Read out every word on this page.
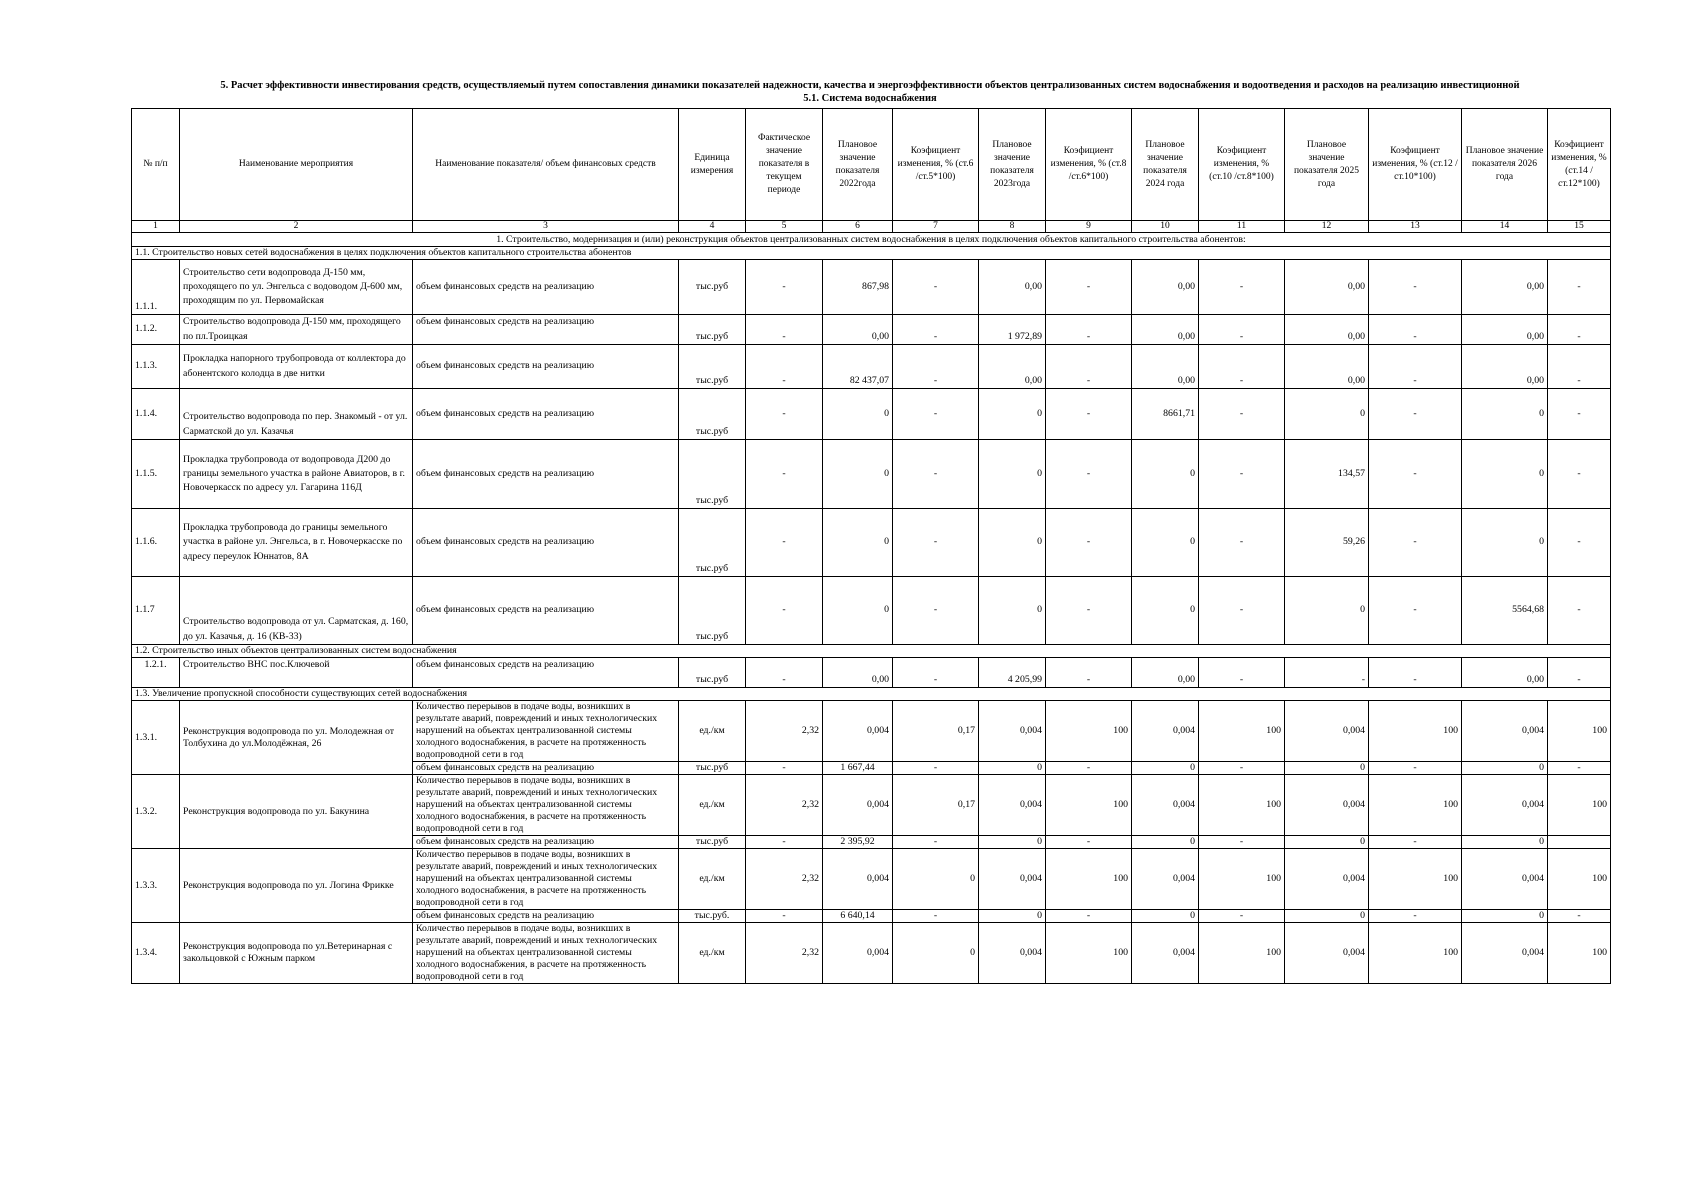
5. Расчет эффективности инвестирования средств, осуществляемый путем сопоставления динамики показателей надежности, качества и энергоэффективности объектов централизованных систем водоснабжения и водоотведения и расходов на реализацию инвестиционной
5.1. Система водоснабжения
№ п/п	Наименование мероприятия	Наименование показателя/ объем финансовых средств	Единица измерения	Фактическое значение показателя в текущем периоде	Плановое значение показателя 2022года	Коэфициент изменения, % (ст.6 /ст.5*100)	Плановое значение показателя 2023года	Коэфициент изменения, % (ст.8 /ст.6*100)	Плановое значение показателя 2024 года	Коэфициент изменения, % (ст.10 /ст.8*100)	Плановое значение показателя 2025 года	Коэфициент изменения, % (ст.12 /ст.10*100)	Плановое значение показателя 2026 года	Коэфициент изменения, % (ст.14 /ст.12*100)
1	2	3	4	5	6	7	8	9	10	11	12	13	14	15
1. Строительство, модернизация и (или) реконструкция объектов централизованных систем водоснабжения в целях подключения объектов капитального строительства абонентов:														
1.1. Строительство новых сетей водоснабжения в целях подключения объектов капитального строительства абонентов														
1.1.1.	Строительство сети водопровода Д-150 мм, проходящего по ул. Энгельса с водоводом Д-600 мм, проходящим по ул. Первомайская	объем финансовых средств на реализацию	тыс.руб	-	867,98	-	0,00	-	0,00	-	0,00	-	0,00	-
1.1.2.	Строительство водопровода Д-150 мм, проходящего по пл.Троицкая	объем финансовых средств на реализацию	тыс.руб	-	0,00	-	1 972,89	-	0,00	-	0,00	-	0,00	-
1.1.3.	Прокладка напорного трубопровода от коллектора до абонентского колодца в две нитки	объем финансовых средств на реализацию	тыс.руб	-	82 437,07	-	0,00	-	0,00	-	0,00	-	0,00	-
1.1.4.	Строительство водопровода по пер. Знакомый - от ул. Сарматской до ул. Казачья	объем финансовых средств на реализацию	тыс.руб	-	0	-	0	-	8661,71	-	0	-	0	-
1.1.5.	Прокладка трубопровода от водопровода Д200 до границы земельного участка в районе Авиаторов, в г. Новочеркасск по адресу ул. Гагарина 116Д	объем финансовых средств на реализацию	тыс.руб	-	0	-	0	-	0	-	134,57	-	0	-
1.1.6.	Прокладка трубопровода до границы земельного участка в районе ул. Энгельса, в г. Новочеркасске по адресу переулок Юннатов, 8А	объем финансовых средств на реализацию	тыс.руб	-	0	-	0	-	0	-	59,26	-	0	-
1.1.7	Строительство водопровода от ул. Сарматская, д. 160, до ул. Казачья, д. 16 (КВ-33)	объем финансовых средств на реализацию	тыс.руб	-	0	-	0	-	0	-	0	-	5564,68	-
1.2. Строительство иных объектов централизованных систем водоснабжения														
1.2.1.	Строительство ВНС пос.Ключевой	объем финансовых средств на реализацию	тыс.руб	-	0,00	-	4 205,99	-	0,00	-	-	-	0,00	-
1.3. Увеличение пропускной способности существующих сетей водоснабжения														
1.3.1.	Реконструкция водопровода по ул. Молодежная от Толбухина до ул.Молодёжная, 26	Количество перерывов в подаче воды, возникших в результате аварий, повреждений и иных технологических нарушений на объектах централизованной системы холодного водоснабжения, в расчете на протяженность водопроводной сети в год	ед./км	2,32	0,004	0,17	0,004	100	0,004	100	0,004	100	0,004	100
		объем финансовых средств на реализацию	тыс.руб	-	1 667,44	-	0	-	0	-	0	-	0	-
1.3.2.	Реконструкция водопровода по ул. Бакунина	Количество перерывов в подаче воды, возникших в результате аварий, повреждений и иных технологических нарушений на объектах централизованной системы холодного водоснабжения, в расчете на протяженность водопроводной сети в год	ед./км	2,32	0,004	0,17	0,004	100	0,004	100	0,004	100	0,004	100
		объем финансовых средств на реализацию	тыс.руб	-	2 395,92	-	0	-	0	-	0	-	0	
1.3.3.	Реконструкция водопровода по ул. Логина Фрикке	Количество перерывов в подаче воды, возникших в результате аварий, повреждений и иных технологических нарушений на объектах централизованной системы холодного водоснабжения, в расчете на протяженность водопроводной сети в год	ед./км	2,32	0,004	0	0,004	100	0,004	100	0,004	100	0,004	100
		объем финансовых средств на реализацию	тыс.руб.	-	6 640,14	-	0	-	0	-	0	-	0	-
1.3.4.	Реконструкция водопровода по ул.Ветеринарная с закольцовкой с Южным парком	Количество перерывов в подаче воды, возникших в результате аварий, повреждений и иных технологических нарушений на объектах централизованной системы холодного водоснабжения, в расчете на протяженность водопроводной сети в год	ед./км	2,32	0,004	0	0,004	100	0,004	100	0,004	100	0,004	100
